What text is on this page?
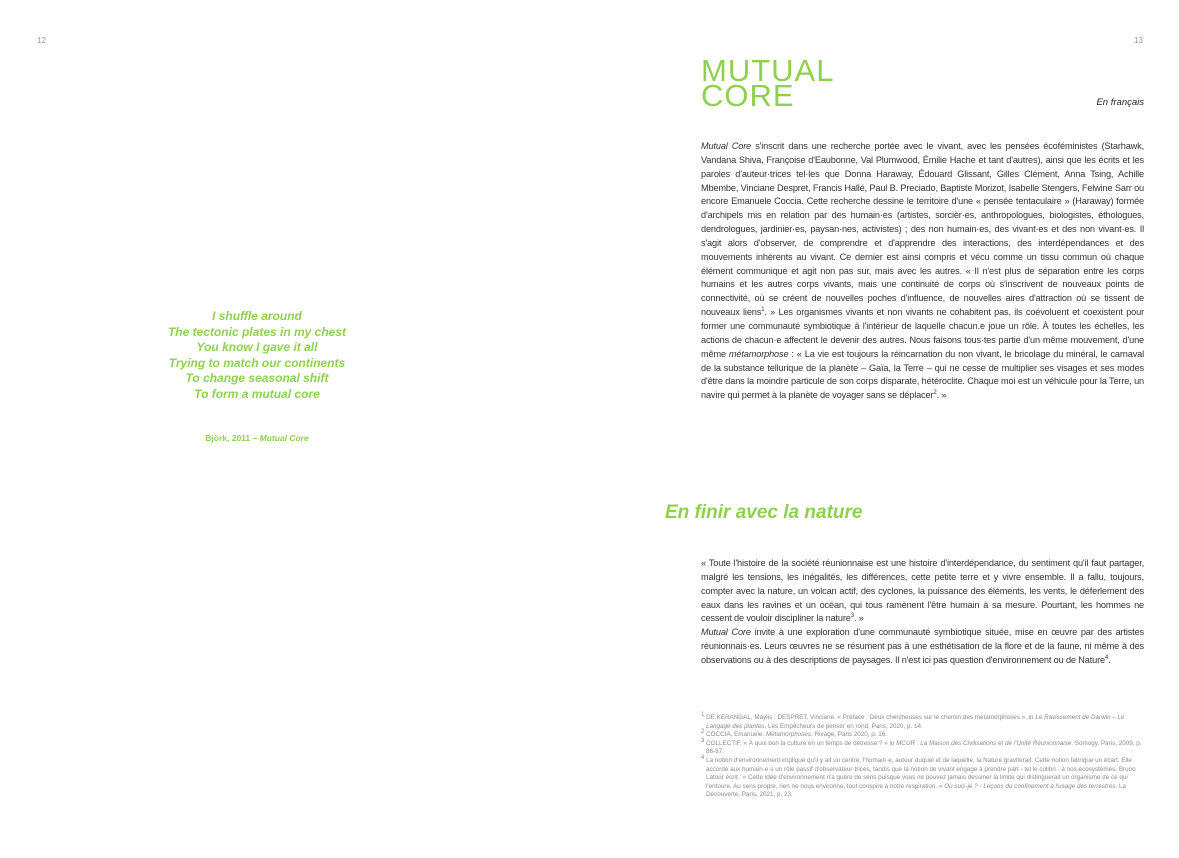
12	13
I shuffle around
The tectonic plates in my chest
You know I gave it all
Trying to match our continents
To change seasonal shift
To form a mutual core
Björk, 2011 – Mutual Core
MUTUAL
CORE	En français
Mutual Core s'inscrit dans une recherche portée avec le vivant, avec les pensées écoféministes (Starhawk, Vandana Shiva, Françoise d'Eaubonne, Val Plumwood, Émilie Hache et tant d'autres), ainsi que les écrits et les paroles d'auteur·trices tel·les que Donna Haraway, Édouard Glissant, Gilles Clément, Anna Tsing, Achille Mbembe, Vinciane Despret, Francis Hallé, Paul B. Preciado, Baptiste Morizot, Isabelle Stengers, Felwine Sarr ou encore Emanuele Coccia. Cette recherche dessine le territoire d'une « pensée tentaculaire » (Haraway) formée d'archipels mis en relation par des humain·es (artistes, sorcièr·es, anthropologues, biologistes, éthologues, dendrologues, jardinier·es, paysan·nes, activistes) ; des non humain·es, des vivant·es et des non vivant·es. Il s'agit alors d'observer, de comprendre et d'apprendre des interactions, des interdépendances et des mouvements inhérents au vivant. Ce dernier est ainsi compris et vécu comme un tissu commun où chaque élément communique et agit non pas sur, mais avec les autres. « Il n'est plus de séparation entre les corps humains et les autres corps vivants, mais une continuité de corps où s'inscrivent de nouveaux points de connectivité, où se créent de nouvelles poches d'influence, de nouvelles aires d'attraction où se tissent de nouveaux liens$^1$. » Les organismes vivants et non vivants ne cohabitent pas, ils coévoluent et coexistent pour former une communauté symbiotique à l'intérieur de laquelle chacun.e joue un rôle. À toutes les échelles, les actions de chacun·e affectent le devenir des autres. Nous faisons tous·tes partie d'un même mouvement, d'une même métamorphose : « La vie est toujours la réincarnation du non vivant, le bricolage du minéral, le carnaval de la substance tellurique de la planète – Gaïa, la Terre – qui ne cesse de multiplier ses visages et ses modes d'être dans la moindre particule de son corps disparate, hétéroclite. Chaque moi est un véhicule pour la Terre, un navire qui permet à la planète de voyager sans se déplacer$^2$. »
En finir avec la nature
« Toute l'histoire de la société réunionnaise est une histoire d'interdépendance, du sentiment qu'il faut partager, malgré les tensions, les inégalités, les différences, cette petite terre et y vivre ensemble. Il a fallu, toujours, compter avec la nature, un volcan actif, des cyclones, la puissance des éléments, les vents, le déferlement des eaux dans les ravines et un océan, qui tous ramènent l'être humain à sa mesure. Pourtant, les hommes ne cessent de vouloir discipliner la nature$^3$. »
Mutual Core invite à une exploration d'une communauté symbiotique située, mise en œuvre par des artistes réunionnais·es. Leurs œuvres ne se résument pas à une esthétisation de la flore et de la faune, ni même à des observations ou à des descriptions de paysages. Il n'est ici pas question d'environnement ou de Nature$^4$.
$^1$ DE KERANGAL, Maylis ; DESPRET, Vinciane. « Préface : Deux chercheuses sur le chemin des métamorphoses », in Le Ravissement de Darwin – Le Langage des plantes. Les Empêcheurs de penser en rond, Paris, 2020, p. 14.
$^2$ COCCIA, Emanuele. Métamorphoses. Rivage, Paris 2020, p. 16.
$^3$ COLLECTIF. « À quoi bon la culture en un temps de détresse ? » in MCUR : La Maison des Civilisations et de l'Unité Réunionnaise. Somogy, Paris, 2009, p. 86-87.
$^4$ La notion d'environnement implique qu'il y ait un centre, l'humain·e, autour duquel et de laquelle, la Nature graviterait. Cette notion fabrique un écart. Elle accorde aux humain·e·s un rôle passif d'observateur·trices, tandis que la notion de vivant engage à prendre part - tel le colibri - à nos écosystèmes. Bruno Latour écrit : « Cette idée d'environnement n'a guère de sens puisque vous ne pouvez jamais dessiner la limite qui distinguerait un organisme de ce qui l'entoure. Au sens propre, rien ne nous environne, tout conspire à notre respiration. » Où suis-je ? - Leçons du confinement à l'usage des terrestres. La Découverte, Paris, 2021, p. 23.
